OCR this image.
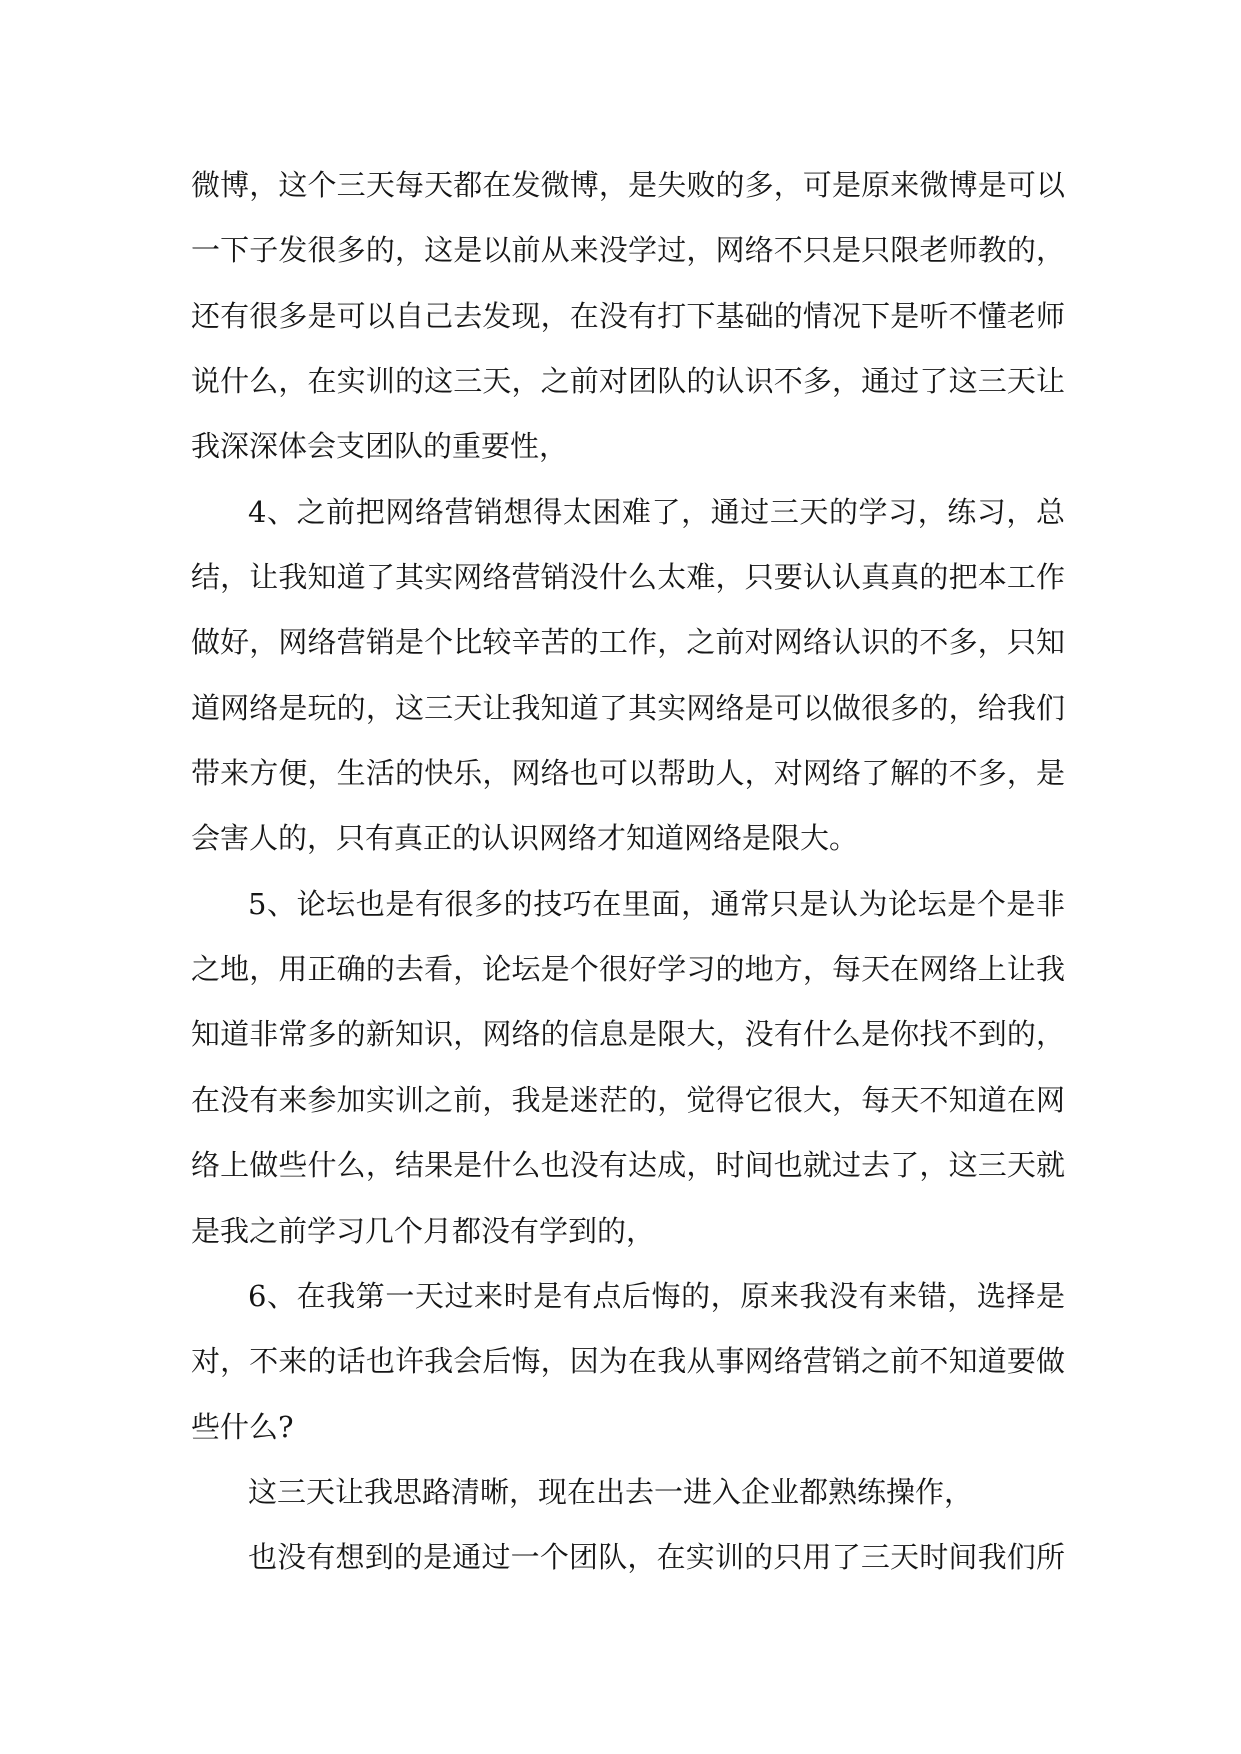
微博，这个三天每天都在发微博，是失败的多，可是原来微博是可以
一下子发很多的，这是以前从来没学过，网络不只是只限老师教的，
还有很多是可以自己去发现，在没有打下基础的情况下是听不懂老师
说什么，在实训的这三天，之前对团队的认识不多，通过了这三天让
我深深体会支团队的重要性，
4、之前把网络营销想得太困难了，通过三天的学习，练习，总
结，让我知道了其实网络营销没什么太难，只要认认真真的把本工作
做好，网络营销是个比较辛苦的工作，之前对网络认识的不多，只知
道网络是玩的，这三天让我知道了其实网络是可以做很多的，给我们
带来方便，生活的快乐，网络也可以帮助人，对网络了解的不多，是
会害人的，只有真正的认识网络才知道网络是限大。
5、论坛也是有很多的技巧在里面，通常只是认为论坛是个是非
之地，用正确的去看，论坛是个很好学习的地方，每天在网络上让我
知道非常多的新知识，网络的信息是限大，没有什么是你找不到的，
在没有来参加实训之前，我是迷茫的，觉得它很大，每天不知道在网
络上做些什么，结果是什么也没有达成，时间也就过去了，这三天就
是我之前学习几个月都没有学到的，
6、在我第一天过来时是有点后悔的，原来我没有来错，选择是
对，不来的话也许我会后悔，因为在我从事网络营销之前不知道要做
些什么?
这三天让我思路清晰，现在出去一进入企业都熟练操作，
也没有想到的是通过一个团队，在实训的只用了三天时间我们所
